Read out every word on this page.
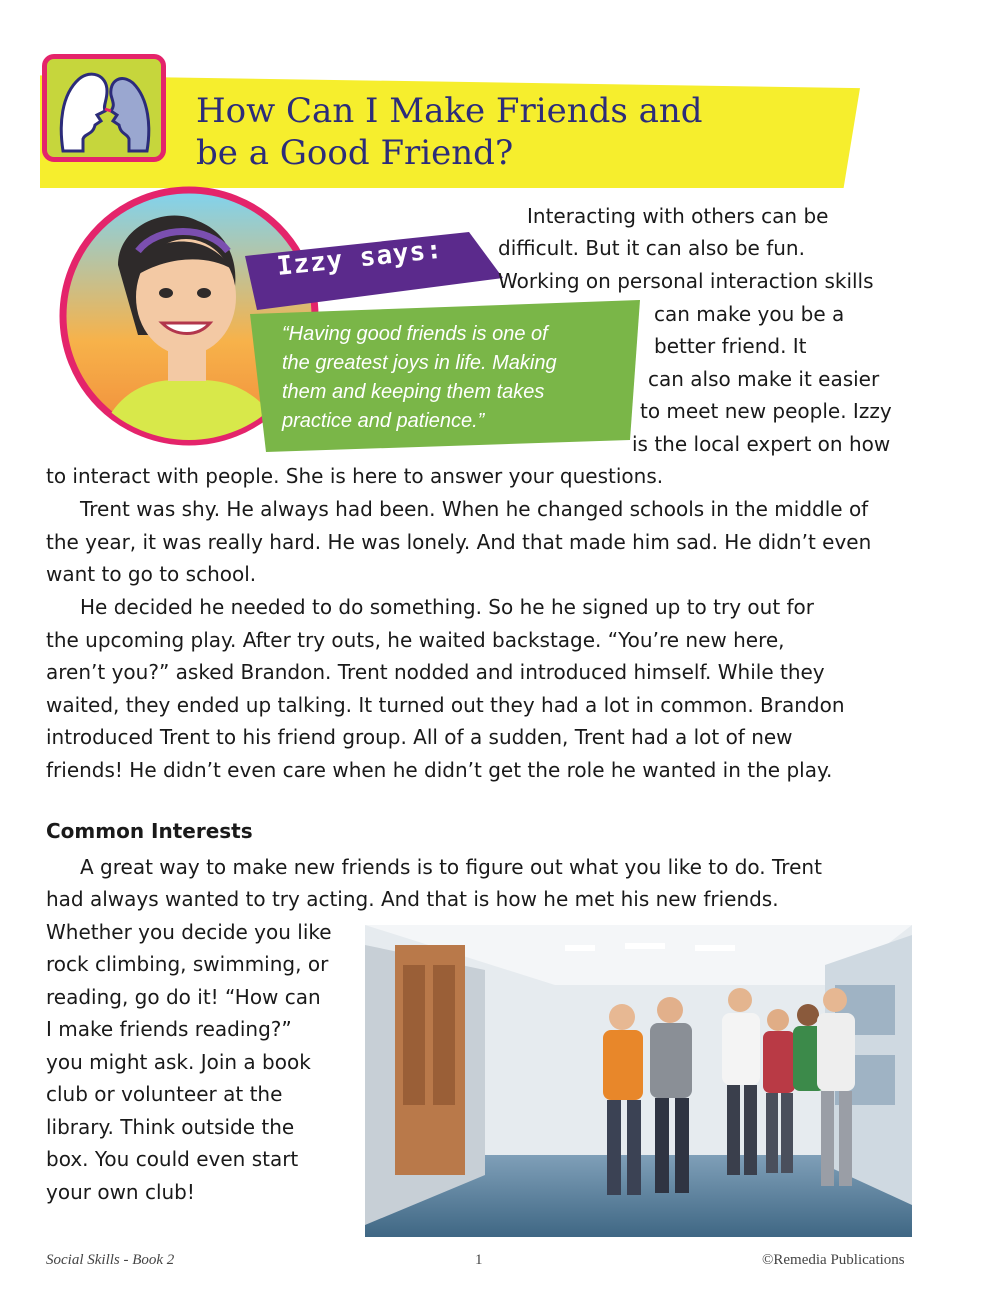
How Can I Make Friends and
be a Good Friend?
Izzy says:
“Having good friends is one of
the greatest joys in life. Making
them and keeping them takes
practice and patience.”
Interacting with others can be
difficult. But it can also be fun.
Working on personal interaction skills
can make you be a
better friend. It
can also make it easier
to meet new people. Izzy
is the local expert on how
to interact with people. She is here to answer your questions.
Trent was shy. He always had been. When he changed schools in the middle of
the year, it was really hard. He was lonely. And that made him sad. He didn’t even
want to go to school.
He decided he needed to do something. So he he signed up to try out for
the upcoming play. After try outs, he waited backstage. “You’re new here,
aren’t you?” asked Brandon. Trent nodded and introduced himself. While they
waited, they ended up talking. It turned out they had a lot in common. Brandon
introduced Trent to his friend group. All of a sudden, Trent had a lot of new
friends! He didn’t even care when he didn’t get the role he wanted in the play.
Common Interests
A great way to make new friends is to figure out what you like to do. Trent
had always wanted to try acting. And that is how he met his new friends.
Whether you decide you like
rock climbing, swimming, or
reading, go do it! “How can
I make friends reading?”
you might ask. Join a book
club or volunteer at the
library. Think outside the
box. You could even start
your own club!
Social Skills - Book 2	1	©Remedia Publications
